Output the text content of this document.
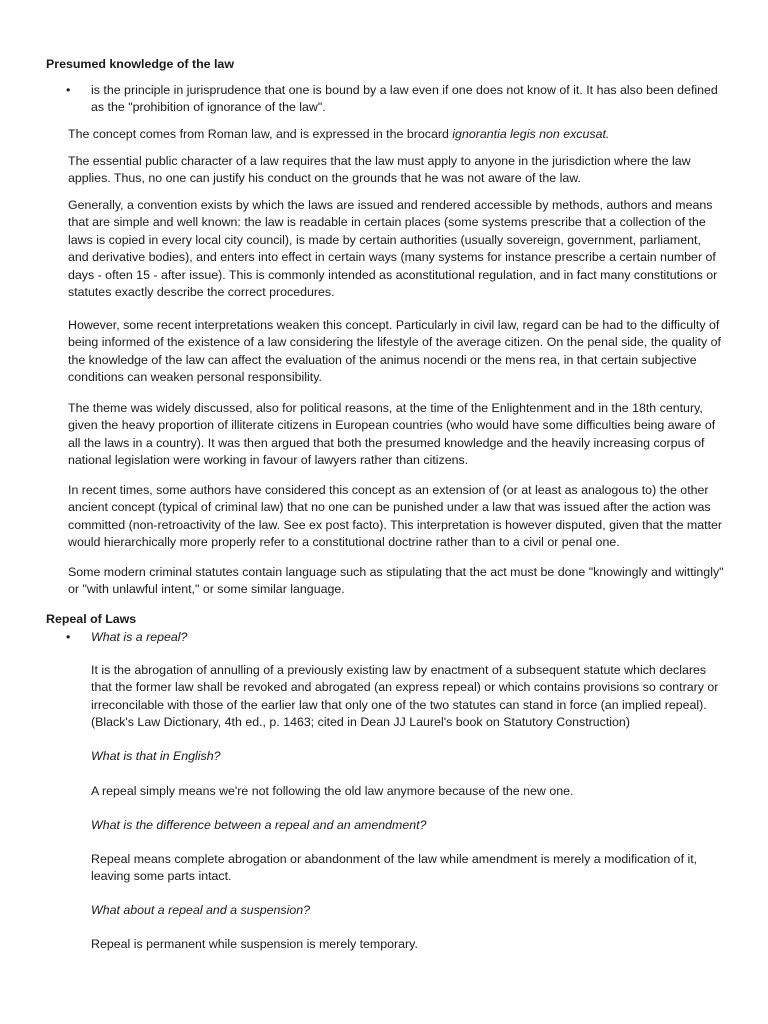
Presumed knowledge of the law
• is the principle in jurisprudence that one is bound by a law even if one does not know of it. It has also been defined as the "prohibition of ignorance of the law".

The concept comes from Roman law, and is expressed in the brocard ignorantia legis non excusat.

The essential public character of a law requires that the law must apply to anyone in the jurisdiction where the law applies. Thus, no one can justify his conduct on the grounds that he was not aware of the law.

Generally, a convention exists by which the laws are issued and rendered accessible by methods, authors and means that are simple and well known: the law is readable in certain places (some systems prescribe that a collection of the laws is copied in every local city council), is made by certain authorities (usually sovereign, government, parliament, and derivative bodies), and enters into effect in certain ways (many systems for instance prescribe a certain number of days - often 15 - after issue). This is commonly intended as aconstitutional regulation, and in fact many constitutions or statutes exactly describe the correct procedures.

However, some recent interpretations weaken this concept. Particularly in civil law, regard can be had to the difficulty of being informed of the existence of a law considering the lifestyle of the average citizen. On the penal side, the quality of the knowledge of the law can affect the evaluation of the animus nocendi or the mens rea, in that certain subjective conditions can weaken personal responsibility.

The theme was widely discussed, also for political reasons, at the time of the Enlightenment and in the 18th century, given the heavy proportion of illiterate citizens in European countries (who would have some difficulties being aware of all the laws in a country). It was then argued that both the presumed knowledge and the heavily increasing corpus of national legislation were working in favour of lawyers rather than citizens.

In recent times, some authors have considered this concept as an extension of (or at least as analogous to) the other ancient concept (typical of criminal law) that no one can be punished under a law that was issued after the action was committed (non-retroactivity of the law. See ex post facto). This interpretation is however disputed, given that the matter would hierarchically more properly refer to a constitutional doctrine rather than to a civil or penal one.

Some modern criminal statutes contain language such as stipulating that the act must be done "knowingly and wittingly" or "with unlawful intent," or some similar language.

Repeal of Laws
• What is a repeal?

It is the abrogation of annulling of a previously existing law by enactment of a subsequent statute which declares that the former law shall be revoked and abrogated (an express repeal) or which contains provisions so contrary or irreconcilable with those of the earlier law that only one of the two statutes can stand in force (an implied repeal). (Black's Law Dictionary, 4th ed., p. 1463; cited in Dean JJ Laurel's book on Statutory Construction)

What is that in English?

A repeal simply means we're not following the old law anymore because of the new one.

What is the difference between a repeal and an amendment?

Repeal means complete abrogation or abandonment of the law while amendment is merely a modification of it, leaving some parts intact.

What about a repeal and a suspension?

Repeal is permanent while suspension is merely temporary.
